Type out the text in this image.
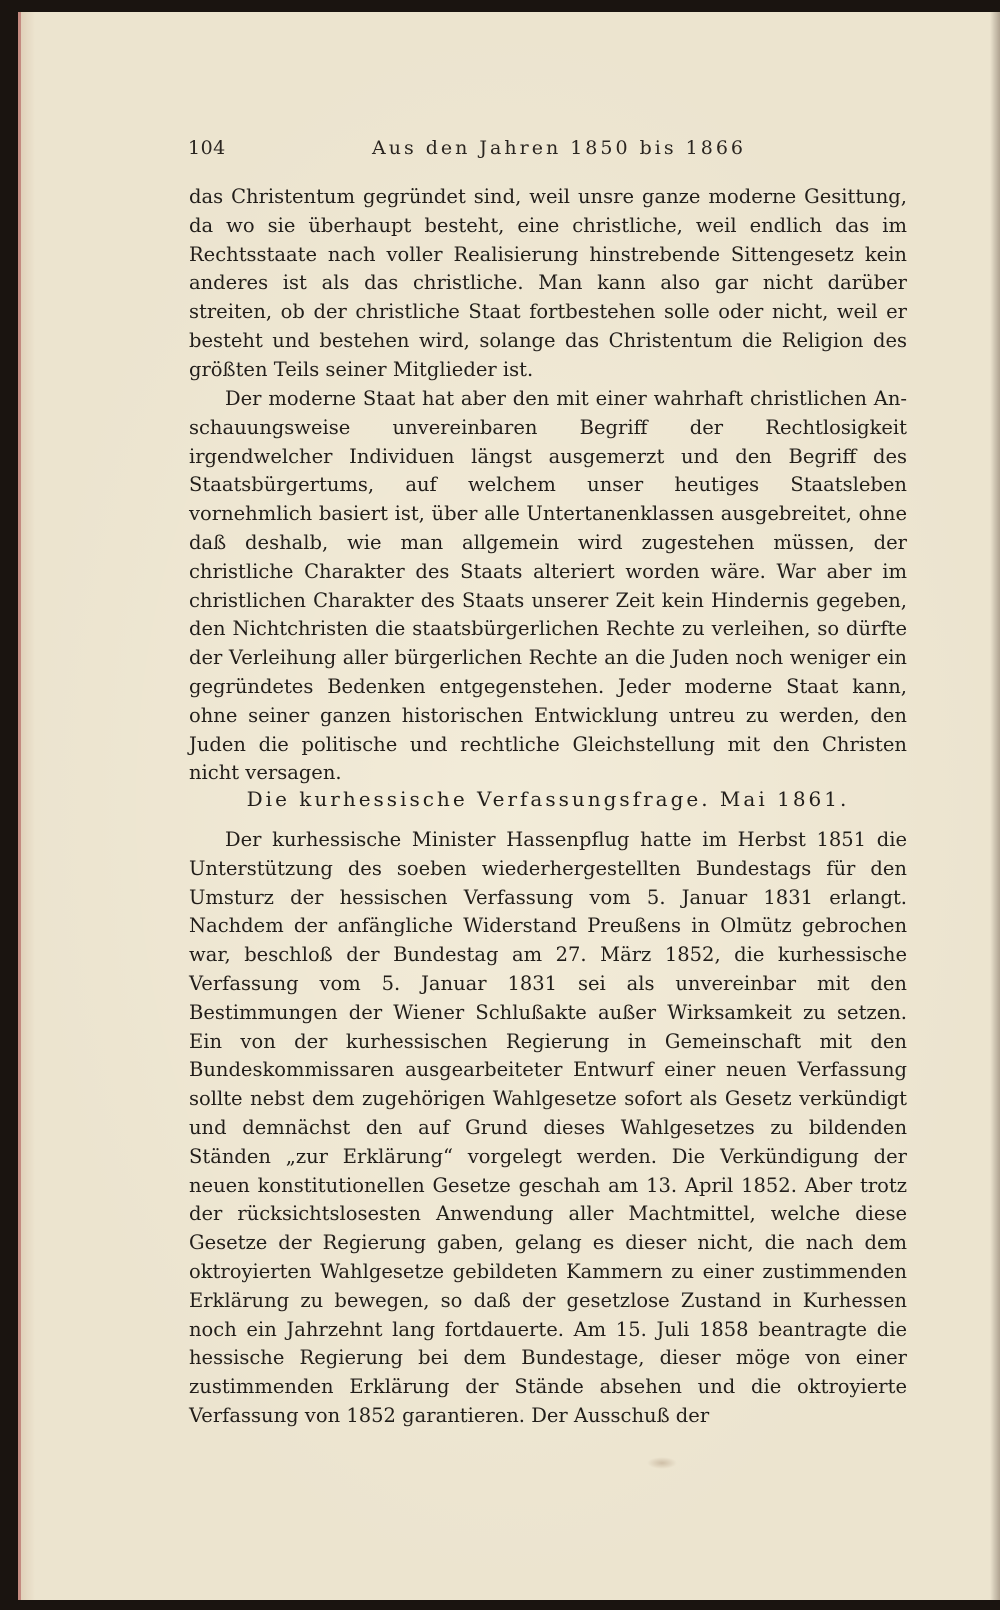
104	Aus den Jahren 1850 bis 1866

das Christentum gegründet sind, weil unsre ganze moderne Gesittung, da wo sie überhaupt besteht, eine christliche, weil endlich das im Rechtsstaate nach voller Realisierung hinstrebende Sittengesetz kein anderes ist als das christliche. Man kann also gar nicht darüber streiten, ob der christliche Staat fortbestehen solle oder nicht, weil er besteht und bestehen wird, solange das Christentum die Religion des größten Teils seiner Mitglieder ist.

Der moderne Staat hat aber den mit einer wahrhaft christlichen Anschauungsweise unvereinbaren Begriff der Rechtlosigkeit irgendwelcher Individuen längst ausgemerzt und den Begriff des Staatsbürgertums, auf welchem unser heutiges Staatsleben vornehmlich basiert ist, über alle Untertanenklassen ausgebreitet, ohne daß deshalb, wie man allgemein wird zugestehen müssen, der christliche Charakter des Staats alteriert worden wäre. War aber im christlichen Charakter des Staats unserer Zeit kein Hindernis gegeben, den Nichtchristen die staatsbürgerlichen Rechte zu verleihen, so dürfte der Verleihung aller bürgerlichen Rechte an die Juden noch weniger ein gegründetes Bedenken entgegenstehen. Jeder moderne Staat kann, ohne seiner ganzen historischen Entwicklung untreu zu werden, den Juden die politische und rechtliche Gleichstellung mit den Christen nicht versagen.

Die kurhessische Verfassungsfrage. Mai 1861.

Der kurhessische Minister Hassenpflug hatte im Herbst 1851 die Unterstützung des soeben wiederhergestellten Bundestags für den Umsturz der hessischen Verfassung vom 5. Januar 1831 erlangt. Nachdem der anfängliche Widerstand Preußens in Olmütz gebrochen war, beschloß der Bundestag am 27. März 1852, die kurhessische Verfassung vom 5. Januar 1831 sei als unvereinbar mit den Bestimmungen der Wiener Schlußakte außer Wirksamkeit zu setzen. Ein von der kurhessischen Regierung in Gemeinschaft mit den Bundeskommissaren ausgearbeiteter Entwurf einer neuen Verfassung sollte nebst dem zugehörigen Wahlgesetze sofort als Gesetz verkündigt und demnächst den auf Grund dieses Wahlgesetzes zu bildenden Ständen „zur Erklärung“ vorgelegt werden. Die Verkündigung der neuen konstitutionellen Gesetze geschah am 13. April 1852. Aber trotz der rücksichtslosesten Anwendung aller Machtmittel, welche diese Gesetze der Regierung gaben, gelang es dieser nicht, die nach dem oktroyierten Wahlgesetze gebildeten Kammern zu einer zustimmenden Erklärung zu bewegen, so daß der gesetzlose Zustand in Kurhessen noch ein Jahrzehnt lang fortdauerte. Am 15. Juli 1858 beantragte die hessische Regierung bei dem Bundestage, dieser möge von einer zustimmenden Erklärung der Stände absehen und die oktroyierte Verfassung von 1852 garantieren. Der Ausschuß der
